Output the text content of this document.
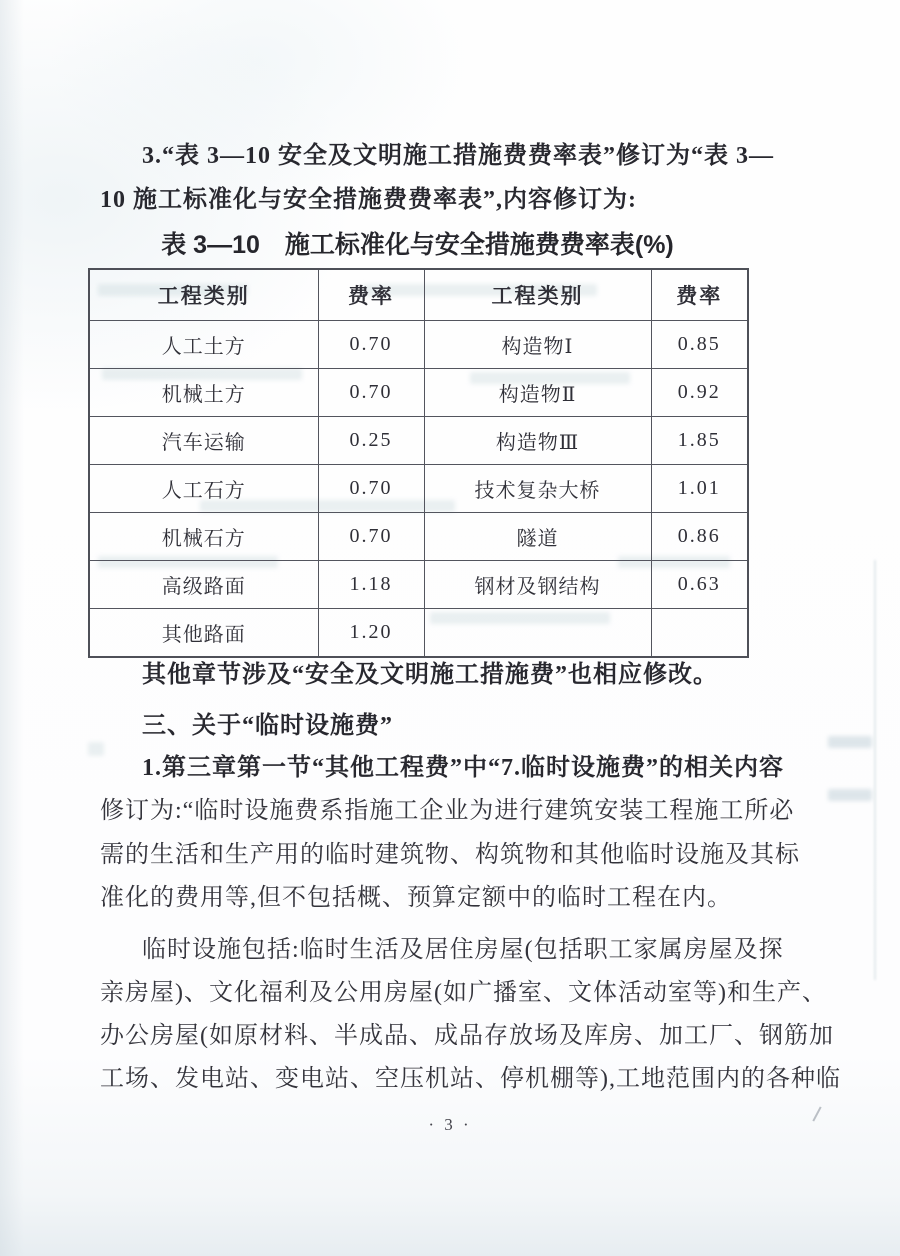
3.“表 3—10 安全及文明施工措施费费率表”修订为“表 3—
10 施工标准化与安全措施费费率表”,内容修订为:
表 3—10　施工标准化与安全措施费费率表(%)
工程类别	费率	工程类别	费率
人工土方	0.70	构造物Ⅰ	0.85
机械土方	0.70	构造物Ⅱ	0.92
汽车运输	0.25	构造物Ⅲ	1.85
人工石方	0.70	技术复杂大桥	1.01
机械石方	0.70	隧道	0.86
高级路面	1.18	钢材及钢结构	0.63
其他路面	1.20		
其他章节涉及“安全及文明施工措施费”也相应修改。
三、关于“临时设施费”
1.第三章第一节“其他工程费”中“7.临时设施费”的相关内容
修订为:“临时设施费系指施工企业为进行建筑安装工程施工所必
需的生活和生产用的临时建筑物、构筑物和其他临时设施及其标
准化的费用等,但不包括概、预算定额中的临时工程在内。
临时设施包括:临时生活及居住房屋(包括职工家属房屋及探
亲房屋)、文化福利及公用房屋(如广播室、文体活动室等)和生产、
办公房屋(如原材料、半成品、成品存放场及库房、加工厂、钢筋加
工场、发电站、变电站、空压机站、停机棚等),工地范围内的各种临
· 3 ·
